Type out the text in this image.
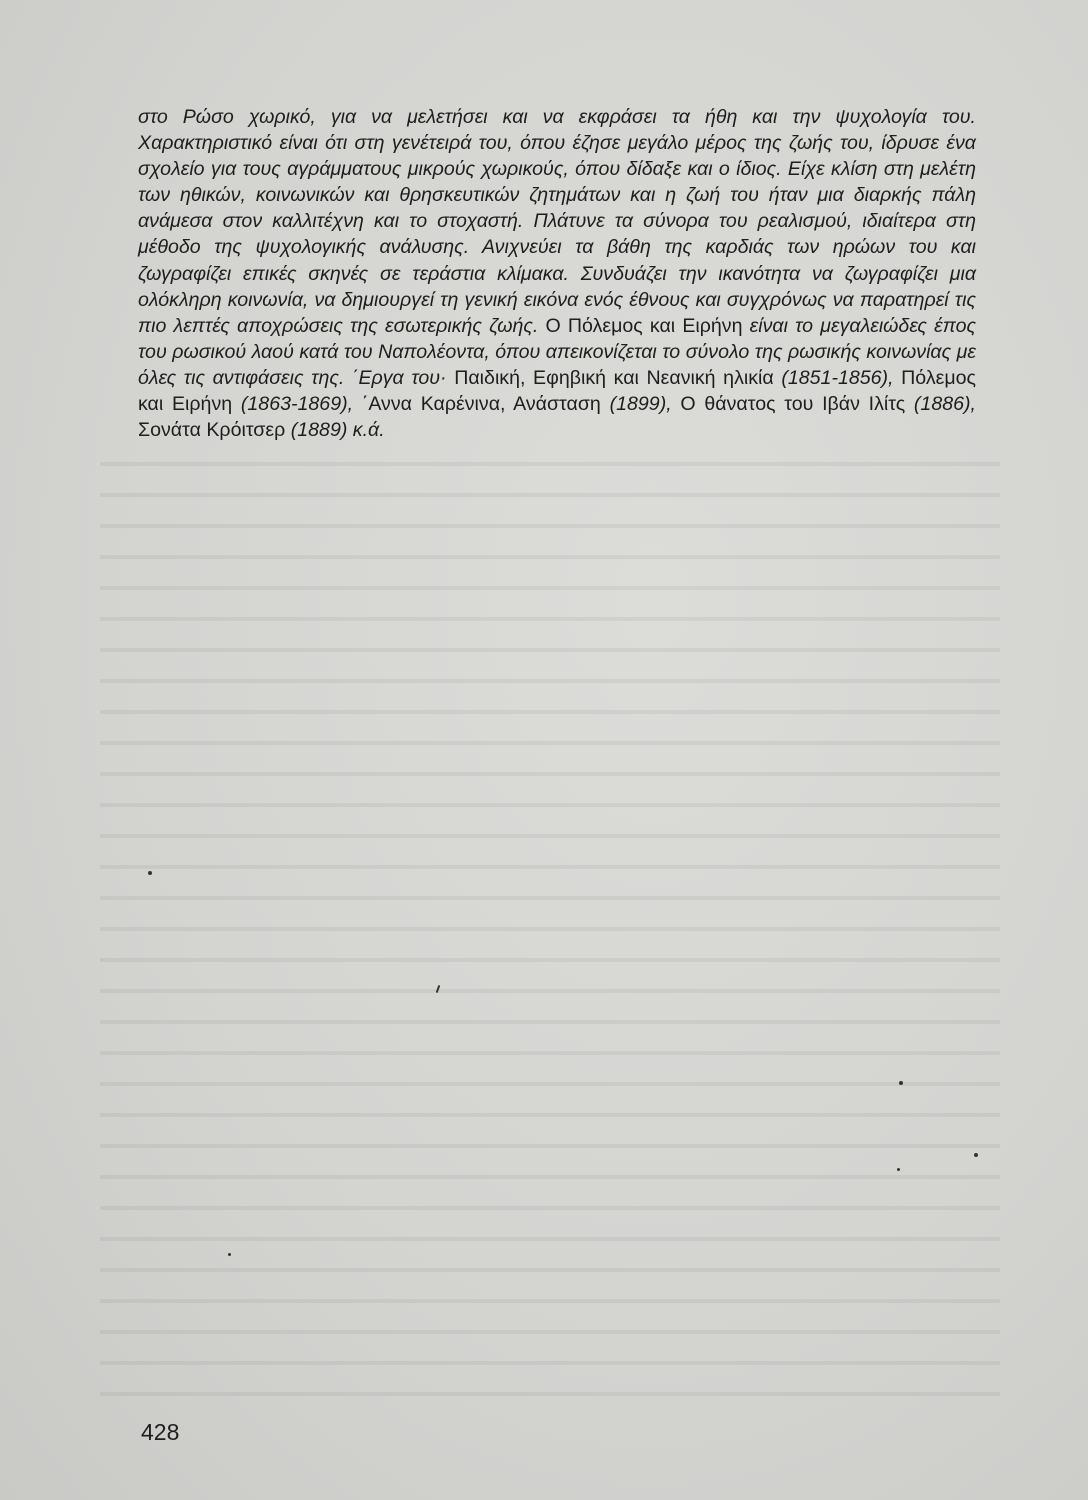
στο Ρώσο χωρικό, για να μελετήσει και να εκφράσει τα ήθη και την ψυχολογία του. Χαρακτηριστικό είναι ότι στη γενέτειρά του, όπου έζησε μεγάλο μέρος της ζωής του, ίδρυσε ένα σχολείο για τους αγράμματους μικρούς χωρικούς, όπου δίδαξε και ο ίδιος. Είχε κλίση στη μελέτη των ηθικών, κοινωνικών και θρησκευτικών ζητημάτων και η ζωή του ήταν μια διαρκής πάλη ανάμεσα στον καλλιτέχνη και το στοχαστή. Πλάτυνε τα σύνορα του ρεαλισμού, ιδιαίτερα στη μέθοδο της ψυχολογικής ανάλυσης. Ανιχνεύει τα βάθη της καρδιάς των ηρώων του και ζωγραφίζει επικές σκηνές σε τεράστια κλίμακα. Συνδυάζει την ικανότητα να ζωγραφίζει μια ολόκληρη κοινωνία, να δημιουργεί τη γενική εικόνα ενός έθνους και συγχρόνως να παρατηρεί τις πιο λεπτές αποχρώσεις της εσωτερικής ζωής. Ο Πόλεμος και Ειρήνη είναι το μεγαλειώδες έπος του ρωσικού λαού κατά του Ναπολέοντα, όπου απεικονίζεται το σύνολο της ρωσικής κοινωνίας με όλες τις αντιφάσεις της. ΄Εργα του· Παιδική, Εφηβική και Νεανική ηλικία (1851-1856), Πόλεμος και Ειρήνη (1863-1869), ΄Αννα Καρένινα, Ανάσταση (1899), Ο θάνατος του Ιβάν Ιλίτς (1886), Σονάτα Κρόιτσερ (1889) κ.ά.

428
